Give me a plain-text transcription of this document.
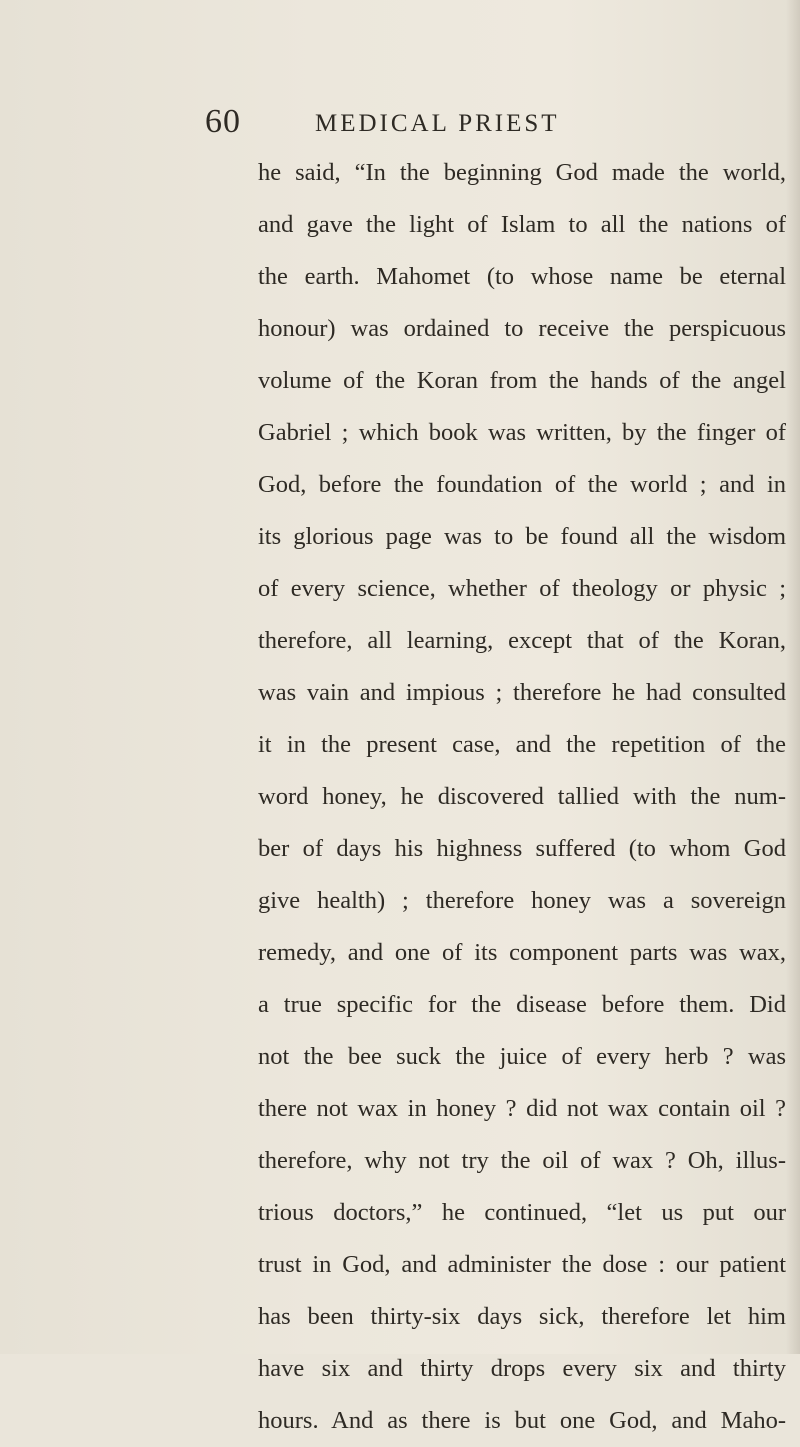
60	MEDICAL PRIEST
he said, “In the beginning God made the world,
and gave the light of Islam to all the nations of
the earth. Mahomet (to whose name be eternal
honour) was ordained to receive the perspicuous
volume of the Koran from the hands of the angel
Gabriel ; which book was written, by the finger of
God, before the foundation of the world ; and in
its glorious page was to be found all the wisdom
of every science, whether of theology or physic ;
therefore, all learning, except that of the Koran,
was vain and impious ; therefore he had consulted
it in the present case, and the repetition of the
word honey, he discovered tallied with the num-
ber of days his highness suffered (to whom God
give health) ; therefore honey was a sovereign
remedy, and one of its component parts was wax,
a true specific for the disease before them. Did
not the bee suck the juice of every herb ? was
there not wax in honey ? did not wax contain oil ?
therefore, why not try the oil of wax ? Oh, illus-
trious doctors,” he continued, “let us put our
trust in God, and administer the dose : our patient
has been thirty-six days sick, therefore let him
have six and thirty drops every six and thirty
hours. And as there is but one God, and Maho-
